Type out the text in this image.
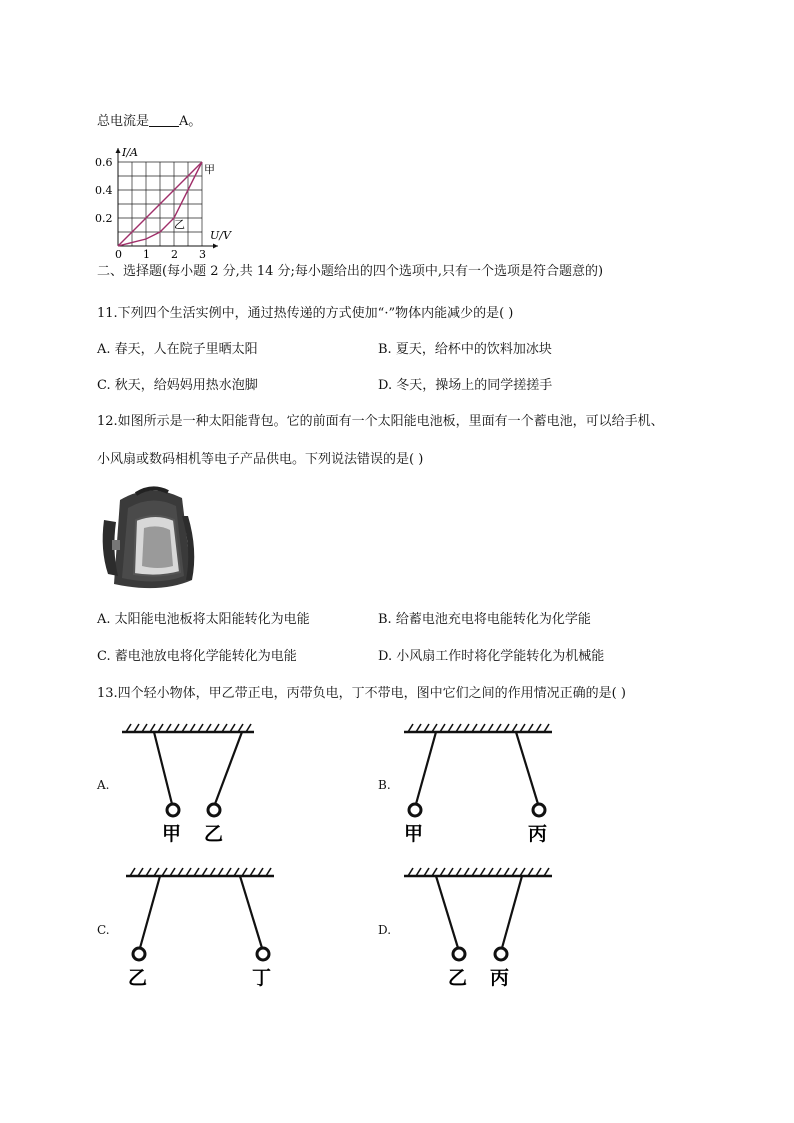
总电流是 A。
0 1 2 3
0.2
0.4
0.6
I/A
U/V
甲
乙
二、选择题(每小题 2 分,共 14 分;每小题给出的四个选项中,只有一个选项是符合题意的)
11.下列四个生活实例中，通过热传递的方式使加“·”物体内能减少的是( )
A. 春天，人在院子里晒太阳	B. 夏天，给杯中的饮料加冰块
C. 秋天，给妈妈用热水泡脚	D. 冬天，操场上的同学搓搓手
12.如图所示是一种太阳能背包。它的前面有一个太阳能电池板，里面有一个蓄电池，可以给手机、
小风扇或数码相机等电子产品供电。下列说法错误的是( )
A. 太阳能电池板将太阳能转化为电能	B. 给蓄电池充电将电能转化为化学能
C. 蓄电池放电将化学能转化为电能	D. 小风扇工作时将化学能转化为机械能
13.四个轻小物体，甲乙带正电，丙带负电，丁不带电，图中它们之间的作用情况正确的是( )
A.
甲 乙
B.
甲	丙
C.
乙	丁
D.
乙 丙
